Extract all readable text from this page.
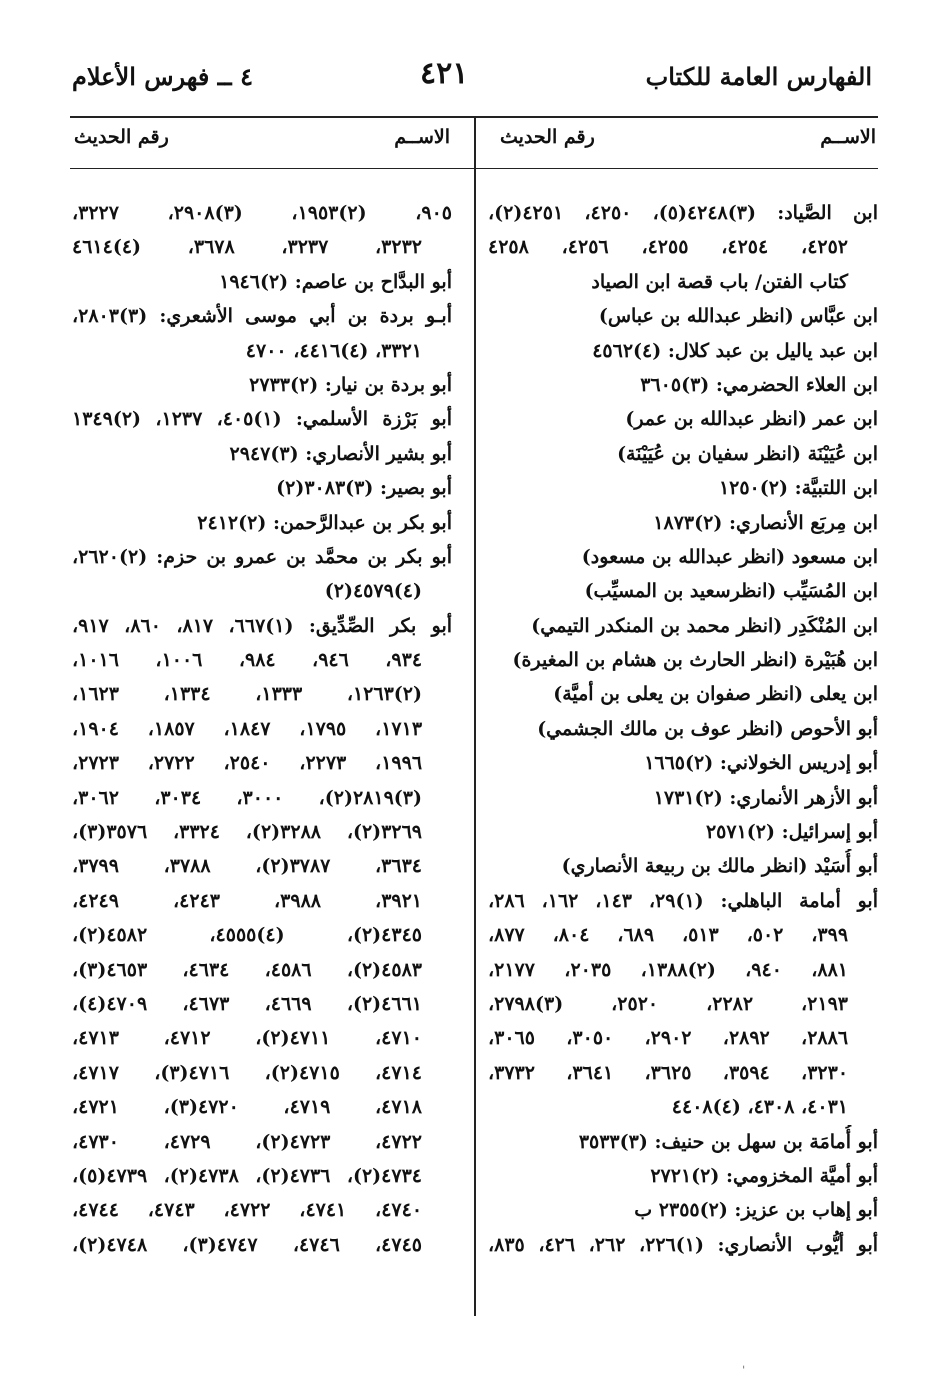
الفهارس العامة للكتاب
٤٢١
٤ ــ فهرس الأعلام
الاســم
رقم الحديث
الاســم
رقم الحديث
ابن الصَّياد: (٣)٤٢٤٨(٥)، ٤٢٥٠، ٤٢٥١(٢)،
٤٢٥٢، ٤٢٥٤، ٤٢٥٥، ٤٢٥٦، ٤٢٥٨
كتاب الفتن/ باب قصة ابن الصياد
ابن عبَّاس (انظر عبدالله بن عباس)
ابن عبد ياليل بن عبد كلال: (٤)٤٥٦٢
ابن العلاء الحضرمي: (٣)٣٦٠٥
ابن عمر (انظر عبدالله بن عمر)
ابن عُيَيْنَة (انظر سفيان بن عُيَيْنَة)
ابن اللتبيَّة: (٢)١٢٥٠
ابن مِربَع الأنصاري: (٢)١٨٧٣
ابن مسعود (انظر عبدالله بن مسعود)
ابن المُسَيِّب (انظرسعيد بن المسيِّب)
ابن المُنْكَدِر (انظر محمد بن المنكدر التيمي)
ابن هُبَيْرة (انظر الحارث بن هشام بن المغيرة)
ابن يعلى (انظر صفوان بن يعلى بن أميَّة)
أبو الأحوص (انظر عوف بن مالك الجشمي)
أبو إدريس الخولاني: (٢)١٦٦٥
أبو الأزهر الأنماري: (٢)١٧٣١
أبو إسرائيل: (٢)٢٥٧١
أبو أُسَيْد (انظر مالك بن ربيعة الأنصاري)
أبو أمامة الباهلي: (١)٢٩، ١٤٣، ١٦٢، ٢٨٦،
٣٩٩، ٥٠٢، ٥١٣، ٦٨٩، ٨٠٤، ٨٧٧،
٨٨١، ٩٤٠، (٢)١٣٨٨، ٢٠٣٥، ٢١٧٧،
٢١٩٣، ٢٢٨٢، ٢٥٢٠، (٣)٢٧٩٨،
٢٨٨٦، ٢٨٩٢، ٢٩٠٢، ٣٠٥٠، ٣٠٦٥،
٣٢٣٠، ٣٥٩٤، ٣٦٢٥، ٣٦٤١، ٣٧٣٢،
٤٠٣١، ٤٣٠٨، (٤)٤٤٠٨
أبو أُمامَة بن سهل بن حنيف: (٣)٣٥٣٣
أبو أميَّة المخزومي: (٢)٢٧٢١
أبو إهاب بن عزيز: (٢)٢٣٥٥ ب
أبو أيُّوب الأنصاري: (١)٢٢٦، ٢٦٢، ٤٢٦، ٨٣٥،
٩٠٥، (٢)١٩٥٣، (٣)٢٩٠٨، ٣٢٢٧،
٣٢٣٢، ٣٢٣٧، ٣٦٧٨، (٤)٤٦١٤
أبو البدَّاح بن عاصم: (٢)١٩٤٦
أبـو بردة بن أبي موسى الأشعري: (٣)٢٨٠٣،
٣٣٢١، (٤)٤٤١٦، ٤٧٠٠
أبو بردة بن نيار: (٢)٢٧٣٣
أبو بَرْزة الأسلمي: (١)٤٠٥، ١٢٣٧، (٢)١٣٤٩
أبو بشير الأنصاري: (٣)٢٩٤٧
أبو بصير: (٣)٣٠٨٣(٢)
أبو بكر بن عبدالرَّحمن: (٢)٢٤١٢
أبو بكر بن محمَّد بن عمرو بن حزم: (٢)٢٦٢٠،
(٤)٤٥٧٩(٢)
أبو بكر الصِّدِّيق: (١)٦٦٧، ٨١٧، ٨٦٠، ٩١٧،
٩٣٤، ٩٤٦، ٩٨٤، ١٠٠٦، ١٠١٦،
(٢)١٢٦٣، ١٣٣٣، ١٣٣٤، ١٦٢٣،
١٧١٣، ١٧٩٥، ١٨٤٧، ١٨٥٧، ١٩٠٤،
١٩٩٦، ٢٢٧٣، ٢٥٤٠، ٢٧٢٢، ٢٧٢٣،
(٣)٢٨١٩(٢)، ٣٠٠٠، ٣٠٣٤، ٣٠٦٢،
٣٢٦٩(٢)، ٣٢٨٨(٢)، ٣٣٢٤، ٣٥٧٦(٣)،
٣٦٣٤، ٣٧٨٧(٢)، ٣٧٨٨، ٣٧٩٩،
٣٩٢١، ٣٩٨٨، ٤٢٤٣، ٤٢٤٩،
٤٣٤٥(٢)، (٤)٤٥٥٥، ٤٥٨٢(٢)،
٤٥٨٣(٢)، ٤٥٨٦، ٤٦٣٤، ٤٦٥٣(٣)،
٤٦٦١(٢)، ٤٦٦٩، ٤٦٧٣، ٤٧٠٩(٤)،
٤٧١٠، ٤٧١١(٢)، ٤٧١٢، ٤٧١٣،
٤٧١٤، ٤٧١٥(٢)، ٤٧١٦(٣)، ٤٧١٧،
٤٧١٨، ٤٧١٩، ٤٧٢٠(٣)، ٤٧٢١،
٤٧٢٢، ٤٧٢٣(٢)، ٤٧٢٩، ٤٧٣٠،
٤٧٣٤(٢)، ٤٧٣٦(٢)، ٤٧٣٨(٢)، ٤٧٣٩(٥)،
٤٧٤٠، ٤٧٤١، ٤٧٢٢، ٤٧٤٣، ٤٧٤٤،
٤٧٤٥، ٤٧٤٦، ٤٧٤٧(٣)، ٤٧٤٨(٢)،
ˌ
